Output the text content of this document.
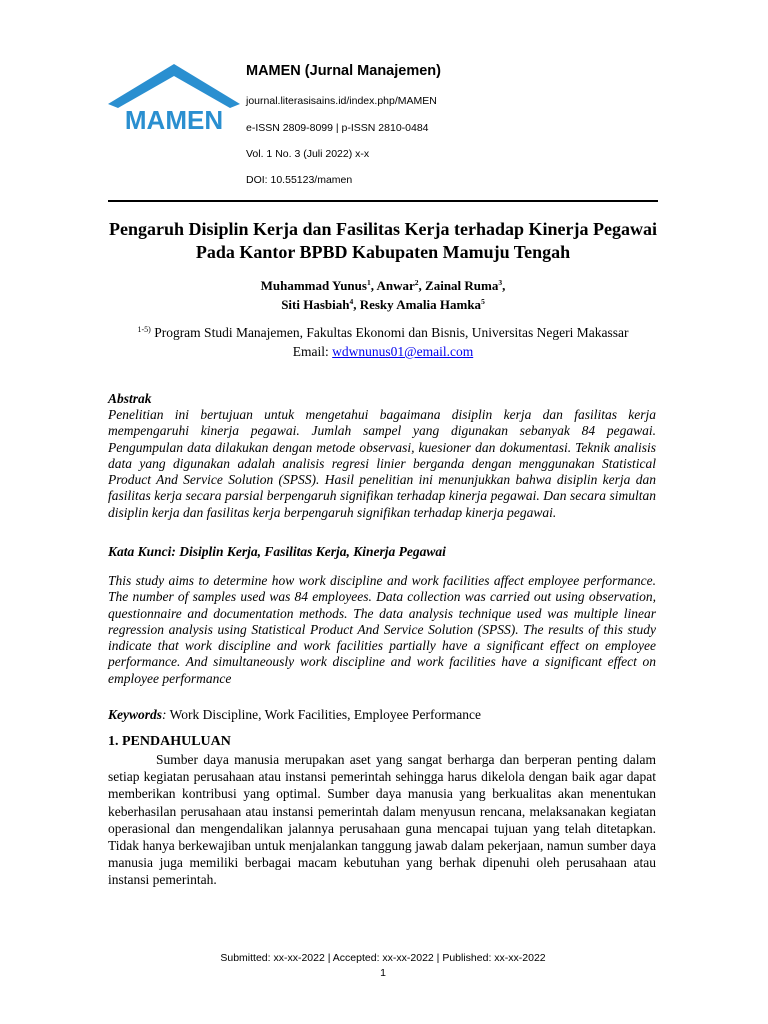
MAMEN
MAMEN (Jurnal Manajemen)
journal.literasisains.id/index.php/MAMEN
e-ISSN 2809-8099 | p-ISSN 2810-0484
Vol. 1 No. 3 (Juli 2022) x-x
DOI: 10.55123/mamen
Pengaruh Disiplin Kerja dan Fasilitas Kerja terhadap Kinerja Pegawai Pada Kantor BPBD Kabupaten Mamuju Tengah
Muhammad Yunus$^1$, Anwar$^2$, Zainal Ruma$^3$,
Siti Hasbiah$^4$, Resky Amalia Hamka$^5$
$^{1-5)}$ Program Studi Manajemen, Fakultas Ekonomi dan Bisnis, Universitas Negeri Makassar
Email: wdwnunus01@email.com
Abstrak
Penelitian ini bertujuan untuk mengetahui bagaimana disiplin kerja dan fasilitas kerja mempengaruhi kinerja pegawai. Jumlah sampel yang digunakan sebanyak 84 pegawai. Pengumpulan data dilakukan dengan metode observasi, kuesioner dan dokumentasi. Teknik analisis data yang digunakan adalah analisis regresi linier berganda dengan menggunakan Statistical Product And Service Solution (SPSS). Hasil penelitian ini menunjukkan bahwa disiplin kerja dan fasilitas kerja secara parsial berpengaruh signifikan terhadap kinerja pegawai. Dan secara simultan disiplin kerja dan fasilitas kerja berpengaruh signifikan terhadap kinerja pegawai.
Kata Kunci: Disiplin Kerja, Fasilitas Kerja, Kinerja Pegawai
This study aims to determine how work discipline and work facilities affect employee performance. The number of samples used was 84 employees. Data collection was carried out using observation, questionnaire and documentation methods. The data analysis technique used was multiple linear regression analysis using Statistical Product And Service Solution (SPSS). The results of this study indicate that work discipline and work facilities partially have a significant effect on employee performance. And simultaneously work discipline and work facilities have a significant effect on employee performance
Keywords: Work Discipline, Work Facilities, Employee Performance
1. PENDAHULUAN
Sumber daya manusia merupakan aset yang sangat berharga dan berperan penting dalam setiap kegiatan perusahaan atau instansi pemerintah sehingga harus dikelola dengan baik agar dapat memberikan kontribusi yang optimal. Sumber daya manusia yang berkualitas akan menentukan keberhasilan perusahaan atau instansi pemerintah dalam menyusun rencana, melaksanakan kegiatan operasional dan mengendalikan jalannya perusahaan guna mencapai tujuan yang telah ditetapkan. Tidak hanya berkewajiban untuk menjalankan tanggung jawab dalam pekerjaan, namun sumber daya manusia juga memiliki berbagai macam kebutuhan yang berhak dipenuhi oleh perusahaan atau instansi pemerintah.
Submitted: xx-xx-2022 | Accepted: xx-xx-2022 | Published: xx-xx-2022
1
